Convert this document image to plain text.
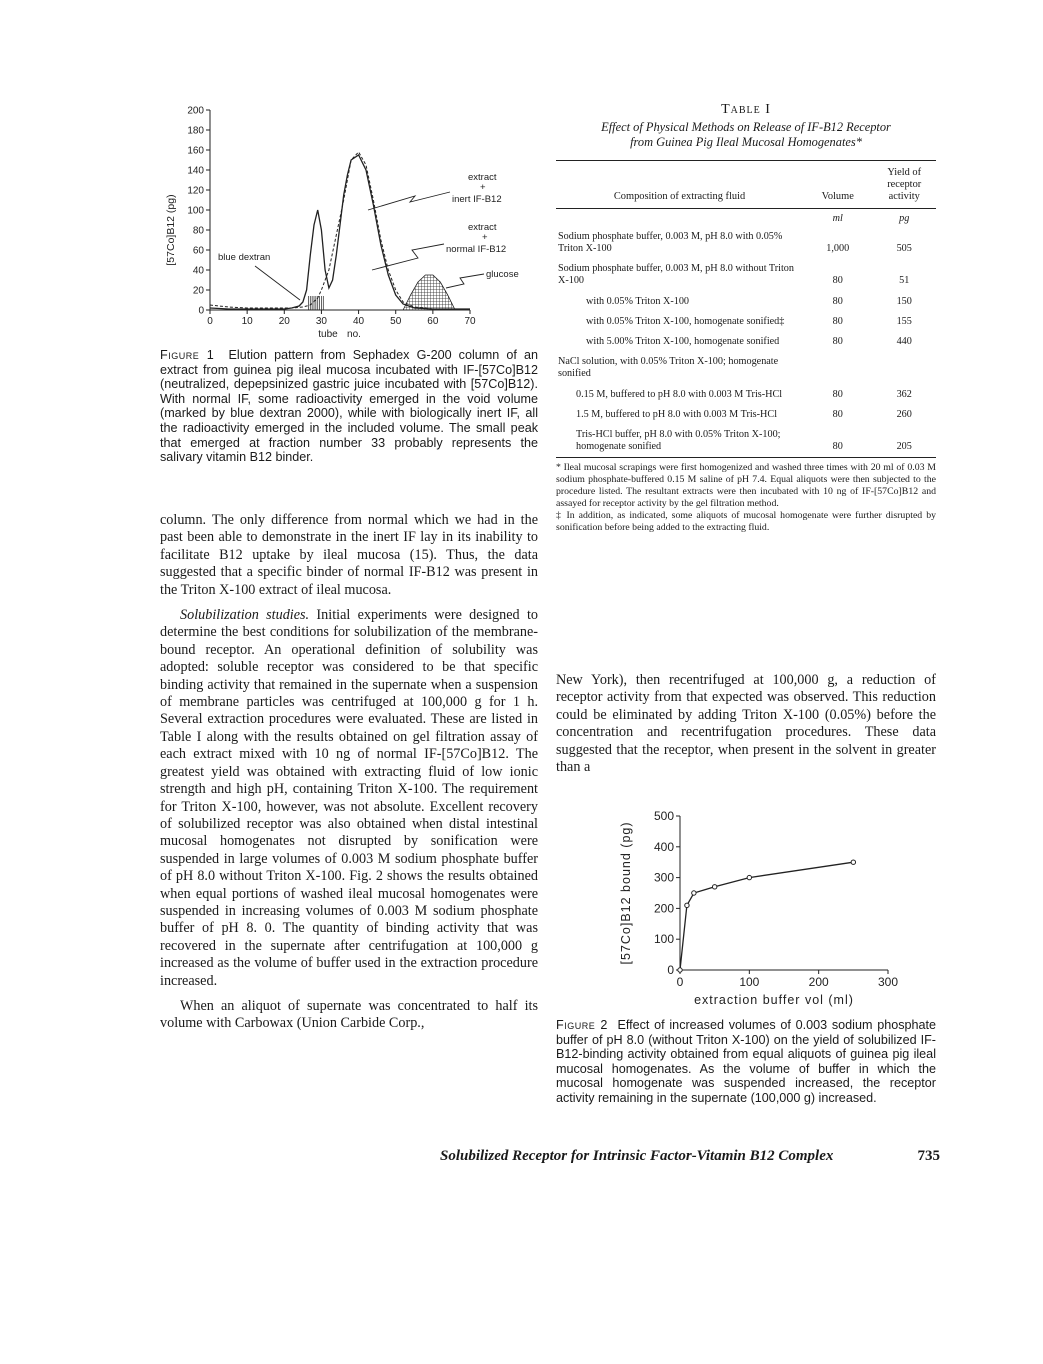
0
20
40
60
80
100
120
140
160
180
200
0	10	20	30	40	50	60	70
tube no.
[57Co]B12 (pg)
extract
+
inert IF-B12
extract
+
normal IF-B12
glucose
blue dextran
Figure 1 Elution pattern from Sephadex G-200 column of an extract from guinea pig ileal mucosa incubated with IF-[57Co]B12 (neutralized, depepsinized gastric juice incubated with [57Co]B12). With normal IF, some radioactivity emerged in the void volume (marked by blue dextran 2000), while with biologically inert IF, all the radioactivity emerged in the included volume. The small peak that emerged at fraction number 33 probably represents the salivary vitamin B12 binder.

column. The only difference from normal which we had in the past been able to demonstrate in the inert IF lay in its inability to facilitate B12 uptake by ileal mucosa (15). Thus, the data suggested that a specific binder of normal IF-B12 was present in the Triton X-100 extract of ileal mucosa.

Solubilization studies. Initial experiments were designed to determine the best conditions for solubilization of the membrane-bound receptor. An operational definition of solubility was adopted: soluble receptor was considered to be that specific binding activity that remained in the supernate when a suspension of membrane particles was centrifuged at 100,000 g for 1 h. Several extraction procedures were evaluated. These are listed in Table I along with the results obtained on gel filtration assay of each extract mixed with 10 ng of normal IF-[57Co]B12. The greatest yield was obtained with extracting fluid of low ionic strength and high pH, containing Triton X-100. The requirement for Triton X-100, however, was not absolute. Excellent recovery of solubilized receptor was also obtained when distal intestinal mucosal homogenates not disrupted by sonification were suspended in large volumes of 0.003 M sodium phosphate buffer of pH 8.0 without Triton X-100. Fig. 2 shows the results obtained when equal portions of washed ileal mucosal homogenates were suspended in increasing volumes of 0.003 M sodium phosphate buffer of pH 8. 0. The quantity of binding activity that was recovered in the supernate after centrifugation at 100,000 g increased as the volume of buffer used in the extraction procedure increased.

When an aliquot of supernate was concentrated to half its volume with Carbowax (Union Carbide Corp.,

Table I
Effect of Physical Methods on Release of IF-B12 Receptor
from Guinea Pig Ileal Mucosal Homogenates*
Composition of extracting fluid	Volume	Yield of receptor activity
	ml	pg
Sodium phosphate buffer, 0.003 M, pH 8.0 with 0.05% Triton X-100	1,000	505
Sodium phosphate buffer, 0.003 M, pH 8.0 without Triton X-100	80	51
with 0.05% Triton X-100	80	150
with 0.05% Triton X-100, homogenate sonified‡	80	155
with 5.00% Triton X-100, homogenate sonified	80	440
NaCl solution, with 0.05% Triton X-100; homogenate sonified		
0.15 M, buffered to pH 8.0 with 0.003 M Tris-HCl	80	362
1.5 M, buffered to pH 8.0 with 0.003 M Tris-HCl	80	260
Tris-HCl buffer, pH 8.0 with 0.05% Triton X-100; homogenate sonified	80	205
* Ileal mucosal scrapings were first homogenized and washed three times with 20 ml of 0.03 M sodium phosphate-buffered 0.15 M saline of pH 7.4. Equal aliquots were then subjected to the procedure listed. The resultant extracts were then incubated with 10 ng of IF-[57Co]B12 and assayed for receptor activity by the gel filtration method.
‡ In addition, as indicated, some aliquots of mucosal homogenate were further disrupted by sonification before being added to the extracting fluid.

New York), then recentrifuged at 100,000 g, a reduction of receptor activity from that expected was observed. This reduction could be eliminated by adding Triton X-100 (0.05%) before the concentration and recentrifugation procedures. These data suggested that the receptor, when present in the solvent in greater than a

0
100
200
300
400
500
0	100	200	300
extraction buffer vol (ml)
[57Co]B12 bound (pg)
Figure 2 Effect of increased volumes of 0.003 sodium phosphate buffer of pH 8.0 (without Triton X-100) on the yield of solubilized IF-B12-binding activity obtained from equal aliquots of guinea pig ileal mucosal homogenates. As the volume of buffer in which the mucosal homogenate was suspended increased, the receptor activity remaining in the supernate (100,000 g) increased.
Solubilized Receptor for Intrinsic Factor-Vitamin B12 Complex	735
